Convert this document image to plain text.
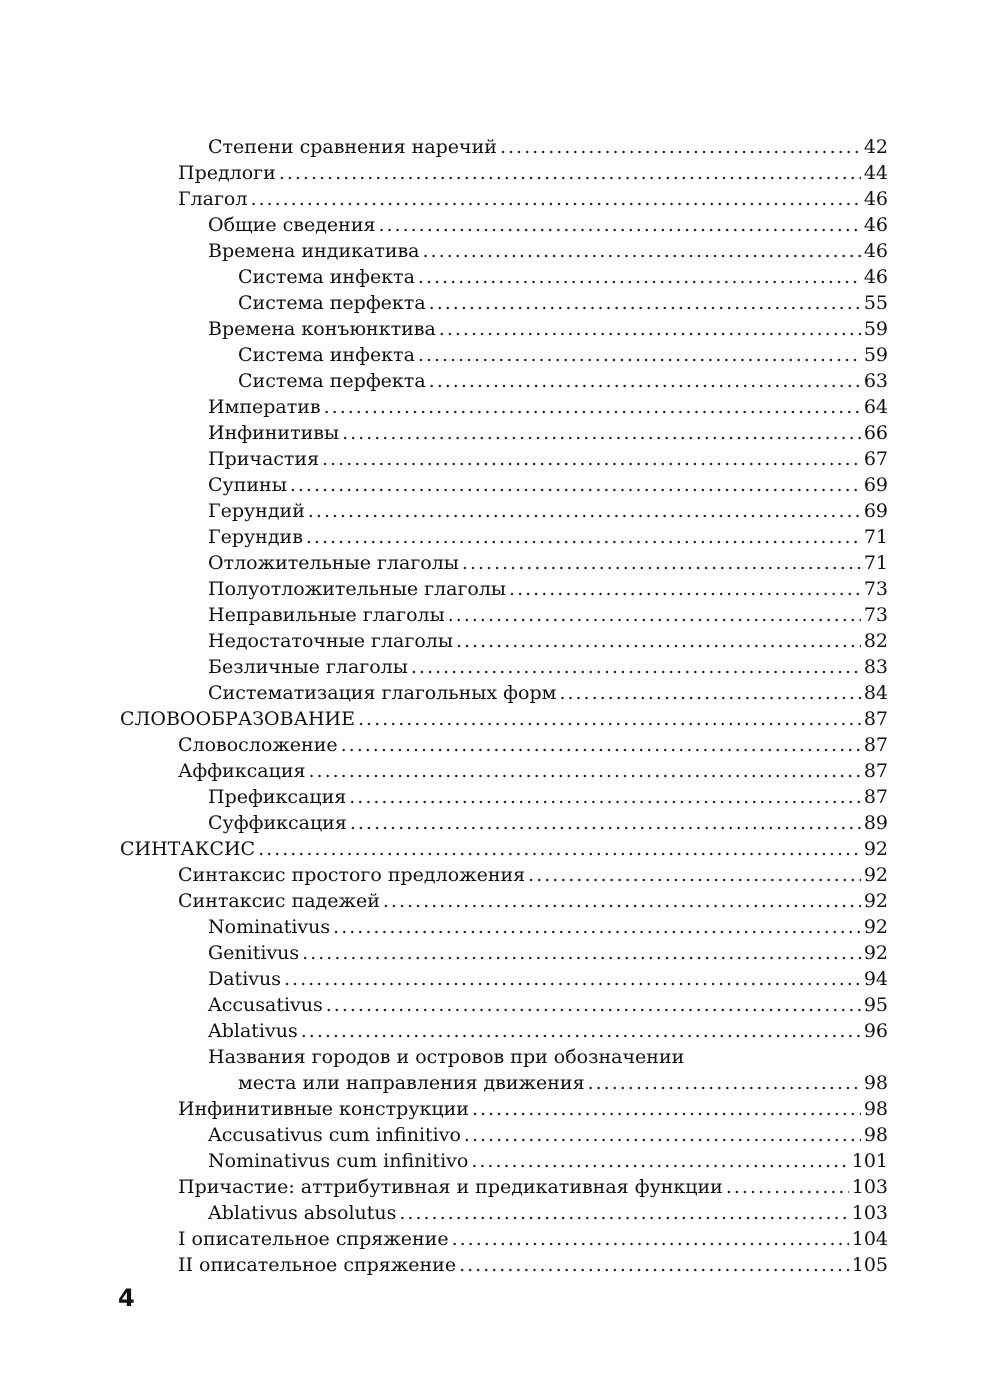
Степени сравнения наречий .....	42
Предлоги .....	44
Глагол .....	46
Общие сведения .....	46
Времена индикатива .....	46
Система инфекта .....	46
Система перфекта .....	55
Времена конъюнктива .....	59
Система инфекта .....	59
Система перфекта .....	63
Императив .....	64
Инфинитивы .....	66
Причастия .....	67
Супины .....	69
Герундий .....	69
Герундив .....	71
Отложительные глаголы .....	71
Полуотложительные глаголы .....	73
Неправильные глаголы .....	73
Недостаточные глаголы .....	82
Безличные глаголы .....	83
Систематизация глагольных форм .....	84
СЛОВООБРАЗОВАНИЕ .....	87
Словосложение .....	87
Аффиксация .....	87
Префиксация .....	87
Суффиксация .....	89
СИНТАКСИС .....	92
Синтаксис простого предложения .....	92
Синтаксис падежей .....	92
Nominativus .....	92
Genitivus .....	92
Dativus .....	94
Accusativus .....	95
Ablativus .....	96
Названия городов и островов при обозначении
места или направления движения .....	98
Инфинитивные конструкции .....	98
Accusativus cum infinitivo .....	98
Nominativus cum infinitivo .....	101
Причастие: аттрибутивная и предикативная функции .....	103
Ablativus absolutus .....	103
I описательное спряжение .....	104
II описательное спряжение .....	105
4
